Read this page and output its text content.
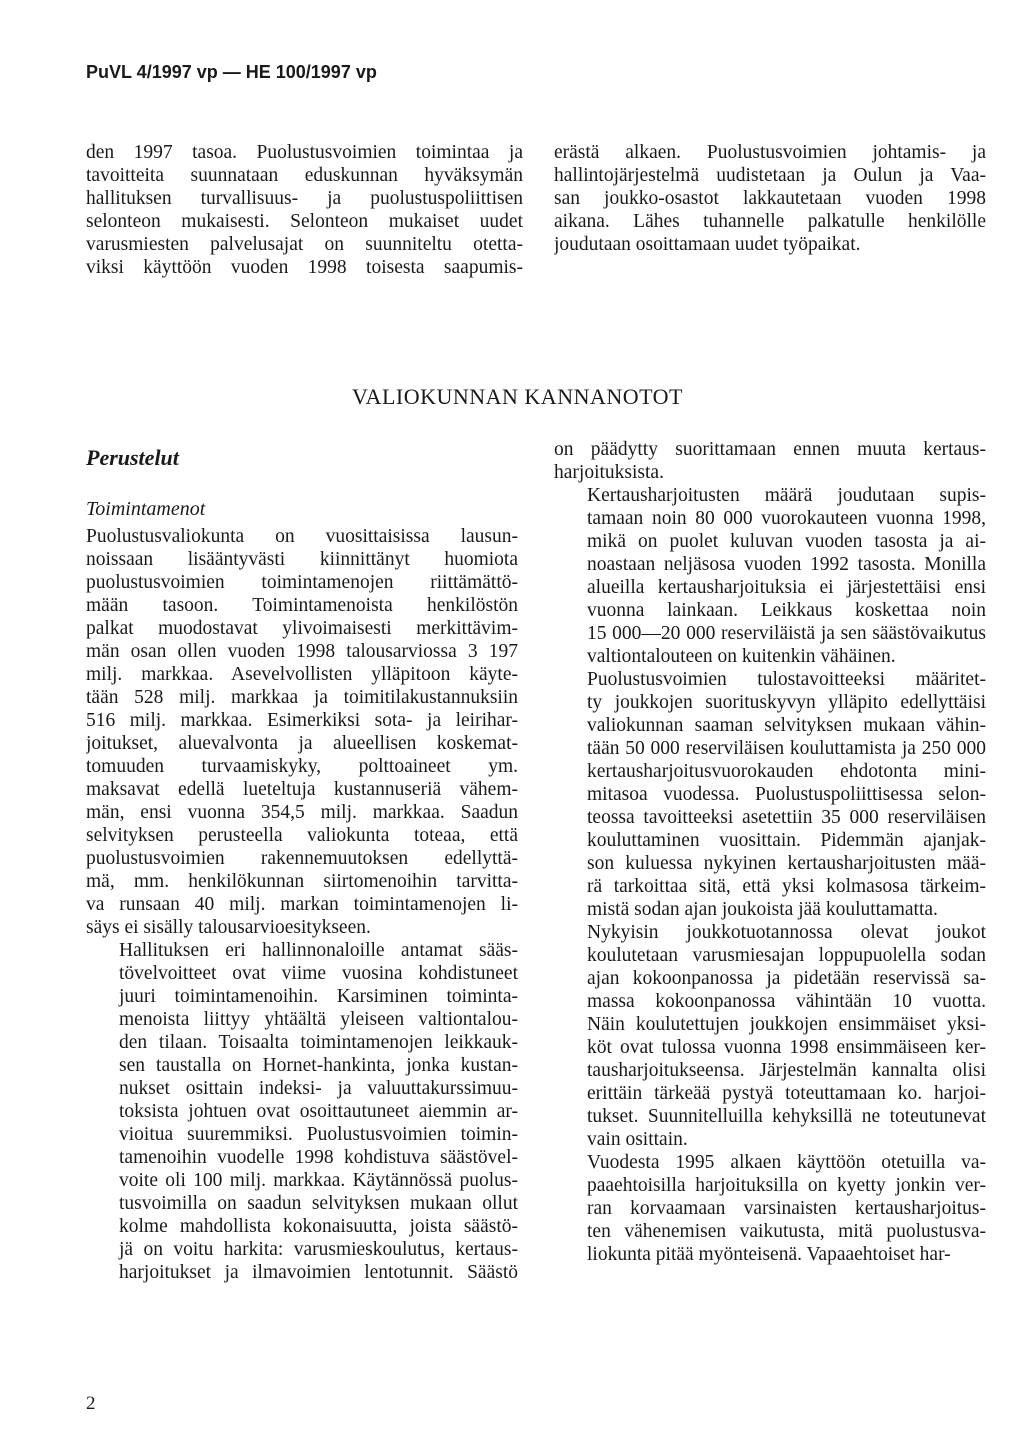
PuVL 4/1997 vp — HE 100/1997 vp

den 1997 tasoa. Puolustusvoimien toimintaa ja
tavoitteita suunnataan eduskunnan hyväksymän
hallituksen turvallisuus- ja puolustuspoliittisen
selonteon mukaisesti. Selonteon mukaiset uudet
varusmiesten palvelusajat on suunniteltu otetta-
viksi käyttöön vuoden 1998 toisesta saapumis-

erästä alkaen. Puolustusvoimien johtamis- ja
hallintojärjestelmä uudistetaan ja Oulun ja Vaa-
san joukko-osastot lakkautetaan vuoden 1998
aikana. Lähes tuhannelle palkatulle henkilölle
joudutaan osoittamaan uudet työpaikat.

VALIOKUNNAN KANNANOTOT
Perustelut
Toimintamenot

Puolustusvaliokunta on vuosittaisissa lausun-
noissaan lisääntyvästi kiinnittänyt huomiota
puolustusvoimien toimintamenojen riittämättö-
mään tasoon. Toimintamenoista henkilöstön
palkat muodostavat ylivoimaisesti merkittävim-
män osan ollen vuoden 1998 talousarviossa 3 197
milj. markkaa. Asevelvollisten ylläpitoon käyte-
tään 528 milj. markkaa ja toimitilakustannuksiin
516 milj. markkaa. Esimerkiksi sota- ja leirihar-
joitukset, aluevalvonta ja alueellisen koskemat-
tomuuden turvaamiskyky, polttoaineet ym.
maksavat edellä lueteltuja kustannuseriä vähem-
män, ensi vuonna 354,5 milj. markkaa. Saadun
selvityksen perusteella valiokunta toteaa, että
puolustusvoimien rakennemuutoksen edellyttä-
mä, mm. henkilökunnan siirtomenoihin tarvitta-
va runsaan 40 milj. markan toimintamenojen li-
säys ei sisälly talousarvioesitykseen.

Hallituksen eri hallinnonaloille antamat sääs-
tövelvoitteet ovat viime vuosina kohdistuneet
juuri toimintamenoihin. Karsiminen toiminta-
menoista liittyy yhtäältä yleiseen valtiontalou-
den tilaan. Toisaalta toimintamenojen leikkauk-
sen taustalla on Hornet-hankinta, jonka kustan-
nukset osittain indeksi- ja valuuttakurssimuu-
toksista johtuen ovat osoittautuneet aiemmin ar-
vioitua suuremmiksi. Puolustusvoimien toimin-
tamenoihin vuodelle 1998 kohdistuva säästövel-
voite oli 100 milj. markkaa. Käytännössä puolus-
tusvoimilla on saadun selvityksen mukaan ollut
kolme mahdollista kokonaisuutta, joista säästö-
jä on voitu harkita: varusmieskoulutus, kertaus-
harjoitukset ja ilmavoimien lentotunnit. Säästö

on päädytty suorittamaan ennen muuta kertaus-
harjoituksista.

Kertausharjoitusten määrä joudutaan supis-
tamaan noin 80 000 vuorokauteen vuonna 1998,
mikä on puolet kuluvan vuoden tasosta ja ai-
noastaan neljäsosa vuoden 1992 tasosta. Monilla
alueilla kertausharjoituksia ei järjestettäisi ensi
vuonna lainkaan. Leikkaus koskettaa noin
15 000—20 000 reserviläistä ja sen säästövaikutus
valtiontalouteen on kuitenkin vähäinen.

Puolustusvoimien tulostavoitteeksi määritet-
ty joukkojen suorituskyvyn ylläpito edellyttäisi
valiokunnan saaman selvityksen mukaan vähin-
tään 50 000 reserviläisen kouluttamista ja 250 000
kertausharjoitusvuorokauden ehdotonta mini-
mitasoa vuodessa. Puolustuspoliittisessa selon-
teossa tavoitteeksi asetettiin 35 000 reserviläisen
kouluttaminen vuosittain. Pidemmän ajanjak-
son kuluessa nykyinen kertausharjoitusten mää-
rä tarkoittaa sitä, että yksi kolmasosa tärkeim-
mistä sodan ajan joukoista jää kouluttamatta.

Nykyisin joukkotuotannossa olevat joukot
koulutetaan varusmiesajan loppupuolella sodan
ajan kokoonpanossa ja pidetään reservissä sa-
massa kokoonpanossa vähintään 10 vuotta.
Näin koulutettujen joukkojen ensimmäiset yksi-
köt ovat tulossa vuonna 1998 ensimmäiseen ker-
tausharjoitukseensa. Järjestelmän kannalta olisi
erittäin tärkeää pystyä toteuttamaan ko. harjoi-
tukset. Suunnitelluilla kehyksillä ne toteutunevat
vain osittain.

Vuodesta 1995 alkaen käyttöön otetuilla va-
paaehtoisilla harjoituksilla on kyetty jonkin ver-
ran korvaamaan varsinaisten kertausharjoitus-
ten vähenemisen vaikutusta, mitä puolustusva-
liokunta pitää myönteisenä. Vapaaehtoiset har-

2
